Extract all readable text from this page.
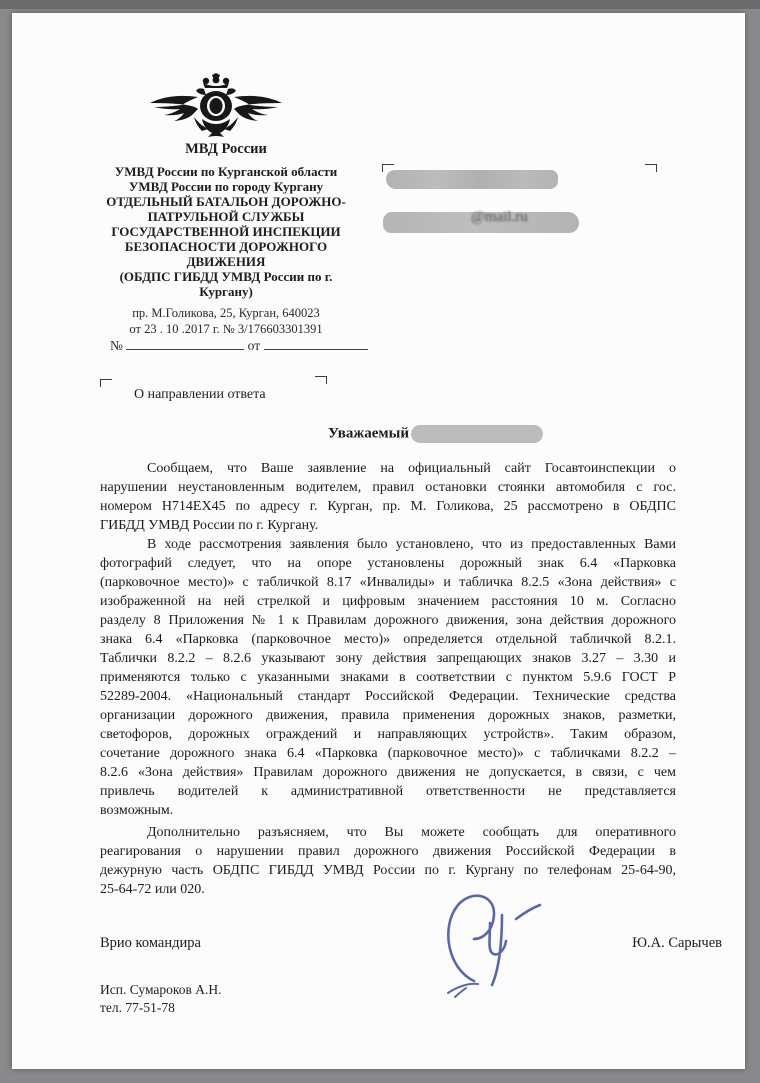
МВД России
УМВД России по Курганской области
УМВД России по городу Кургану
ОТДЕЛЬНЫЙ БАТАЛЬОН ДОРОЖНО-
ПАТРУЛЬНОЙ СЛУЖБЫ
ГОСУДАРСТВЕННОЙ ИНСПЕКЦИИ
БЕЗОПАСНОСТИ ДОРОЖНОГО
ДВИЖЕНИЯ
(ОБДПС ГИБДД УМВД России по г.
Кургану)
пр. М.Голикова, 25, Курган, 640023
от 23 . 10 .2017 г. № 3/176603301391
№	от
@mail.ru
О направлении ответа
Уважаемый
Сообщаем, что Ваше заявление на официальный сайт Госавтоинспекции о
нарушении неустановленным водителем, правил остановки стоянки автомобиля с гос.
номером Н714ЕХ45 по адресу г. Курган, пр. М. Голикова, 25 рассмотрено в ОБДПС
ГИБДД УМВД России по г. Кургану.
В ходе рассмотрения заявления было установлено, что из предоставленных Вами
фотографий следует, что на опоре установлены дорожный знак 6.4 «Парковка
(парковочное место)» с табличкой 8.17 «Инвалиды» и табличка 8.2.5 «Зона действия» с
изображенной на ней стрелкой и цифровым значением расстояния 10 м. Согласно
разделу 8 Приложения № 1 к Правилам дорожного движения, зона действия дорожного
знака 6.4 «Парковка (парковочное место)» определяется отдельной табличкой 8.2.1.
Таблички 8.2.2 – 8.2.6 указывают зону действия запрещающих знаков 3.27 – 3.30 и
применяются только с указанными знаками в соответствии с пунктом 5.9.6 ГОСТ Р
52289-2004. «Национальный стандарт Российской Федерации. Технические средства
организации дорожного движения, правила применения дорожных знаков, разметки,
светофоров, дорожных ограждений и направляющих устройств». Таким образом,
сочетание дорожного знака 6.4 «Парковка (парковочное место)» с табличками 8.2.2 –
8.2.6 «Зона действия» Правилам дорожного движения не допускается, в связи, с чем
привлечь водителей к административной ответственности не представляется
возможным.
Дополнительно разъясняем, что Вы можете сообщать для оперативного
реагирования о нарушении правил дорожного движения Российской Федерации в
дежурную часть ОБДПС ГИБДД УМВД России по г. Кургану по телефонам 25-64-90,
25-64-72 или 020.
Врио командира	Ю.А. Сарычев
Исп. Сумароков А.Н.
тел. 77-51-78
